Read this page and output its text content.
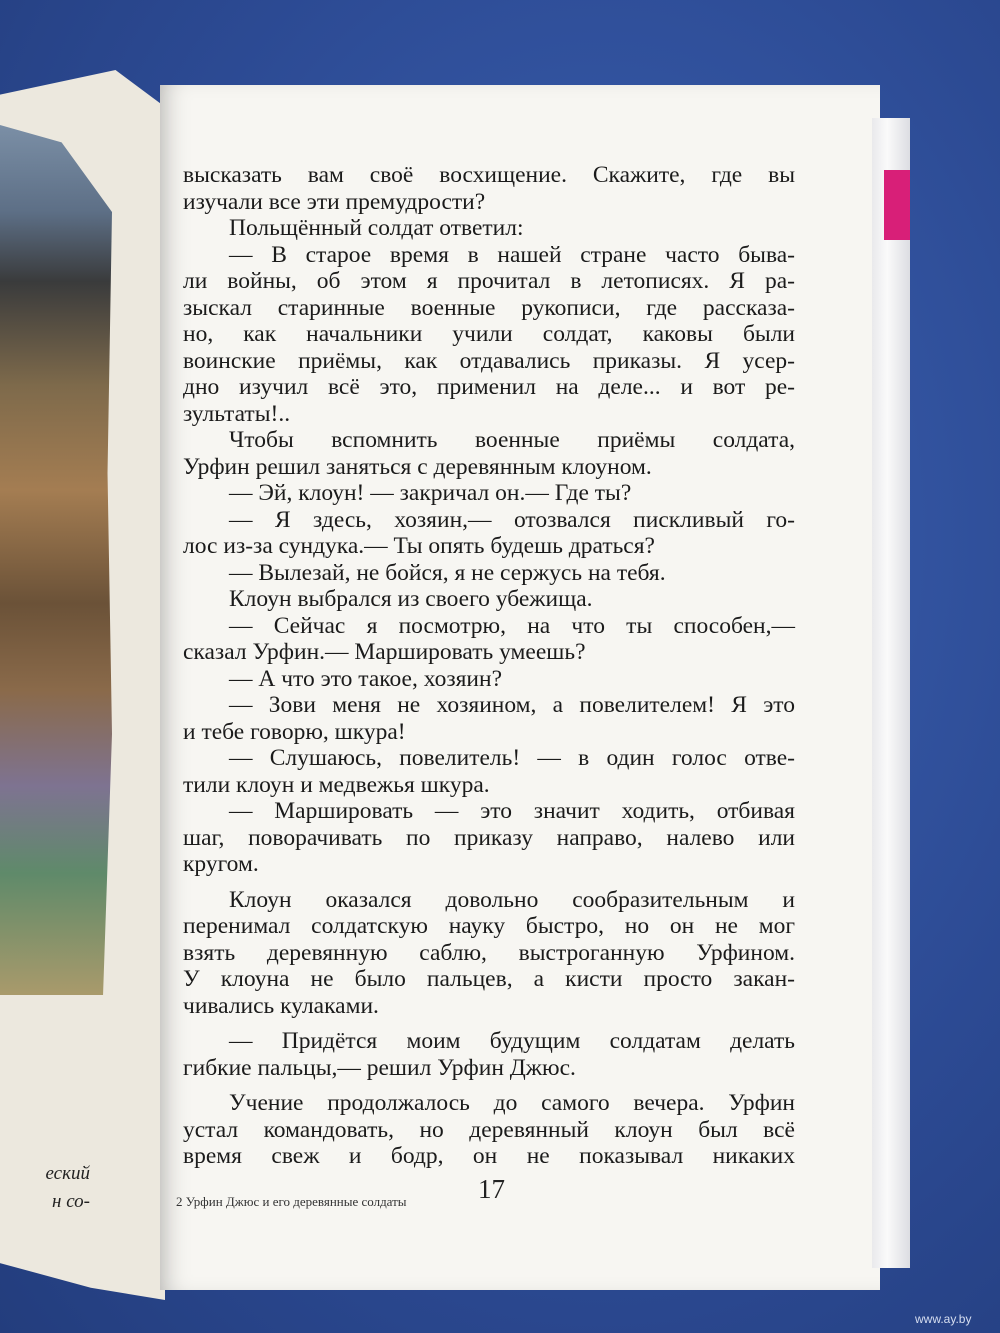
еский
н со-

высказать вам своё восхищение. Скажите, где вы

изучали все эти премудрости?

Польщённый солдат ответил:

— В старое время в нашей стране часто быва-

ли войны, об этом я прочитал в летописях. Я ра-

зыскал старинные военные рукописи, где рассказа-

но, как начальники учили солдат, каковы были

воинские приёмы, как отдавались приказы. Я усер-

дно изучил всё это, применил на деле... и вот ре-

зультаты!..

Чтобы вспомнить военные приёмы солдата,

Урфин решил заняться с деревянным клоуном.

— Эй, клоун! — закричал он.— Где ты?

— Я здесь, хозяин,— отозвался пискливый го-

лос из-за сундука.— Ты опять будешь драться?

— Вылезай, не бойся, я не сержусь на тебя.

Клоун выбрался из своего убежища.

— Сейчас я посмотрю, на что ты способен,—

сказал Урфин.— Маршировать умеешь?

— А что это такое, хозяин?

— Зови меня не хозяином, а повелителем! Я это

и тебе говорю, шкура!

— Слушаюсь, повелитель! — в один голос отве-

тили клоун и медвежья шкура.

— Маршировать — это значит ходить, отбивая

шаг, поворачивать по приказу направо, налево или

кругом.

Клоун оказался довольно сообразительным и

перенимал солдатскую науку быстро, но он не мог

взять деревянную саблю, выстроганную Урфином.

У клоуна не было пальцев, а кисти просто закан-

чивались кулаками.

— Придётся моим будущим солдатам делать

гибкие пальцы,— решил Урфин Джюс.

Учение продолжалось до самого вечера. Урфин

устал командовать, но деревянный клоун был всё

время свеж и бодр, он не показывал никаких

2 Урфин Джюс и его деревянные солдаты	17
www.ay.by
